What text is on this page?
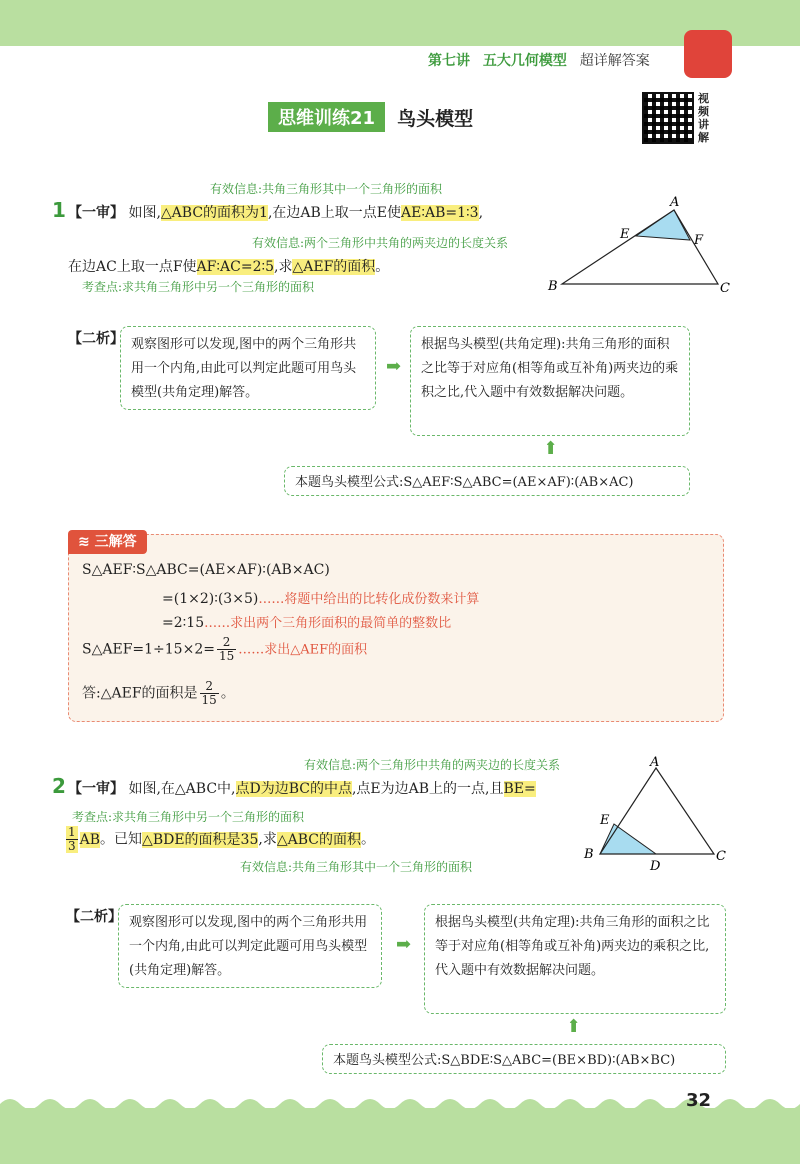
第七讲 五大几何模型 超详解答案
思维训练21	鸟头模型
视频讲解
有效信息:共角三角形其中一个三角形的面积
1 【一审】 如图,△ABC的面积为1,在边AB上取一点E使AE∶AB=1∶3,
有效信息:两个三角形中共角的两夹边的长度关系
在边AC上取一点F使AF∶AC=2∶5,求△AEF的面积。
考查点:求共角三角形中另一个三角形的面积
A
E	F
B	C
【二析】 观察图形可以发现,图中的两个三角形共用一个内角,由此可以判定此题可用鸟头模型(共角定理)解答。
➡
根据鸟头模型(共角定理):共角三角形的面积之比等于对应角(相等角或互补角)两夹边的乘积之比,代入题中有效数据解决问题。
⬆
本题鸟头模型公式:S△AEF∶S△ABC=(AE×AF)∶(AB×AC)
≋ 三解答
S△AEF∶S△ABC=(AE×AF)∶(AB×AC)
=(1×2)∶(3×5)……将题中给出的比转化成份数来计算
=2∶15……求出两个三角形面积的最简单的整数比
S△AEF=1÷15×2= $\frac{2}{15}$ ……求出△AEF的面积
答:△AEF的面积是 $\frac{2}{15}$ 。
有效信息:两个三角形中共角的两夹边的长度关系
2 【一审】 如图,在△ABC中,点D为边BC的中点,点E为边AB上的一点,且BE=
考查点:求共角三角形中另一个三角形的面积
$\frac{1}{3}$ AB。已知△BDE的面积是35,求△ABC的面积。
有效信息:共角三角形其中一个三角形的面积
A
E
B
D
C
【二析】 观察图形可以发现,图中的两个三角形共用一个内角,由此可以判定此题可用鸟头模型(共角定理)解答。
➡
根据鸟头模型(共角定理):共角三角形的面积之比等于对应角(相等角或互补角)两夹边的乘积之比,代入题中有效数据解决问题。
⬆
本题鸟头模型公式:S△BDE∶S△ABC=(BE×BD)∶(AB×BC)
32
